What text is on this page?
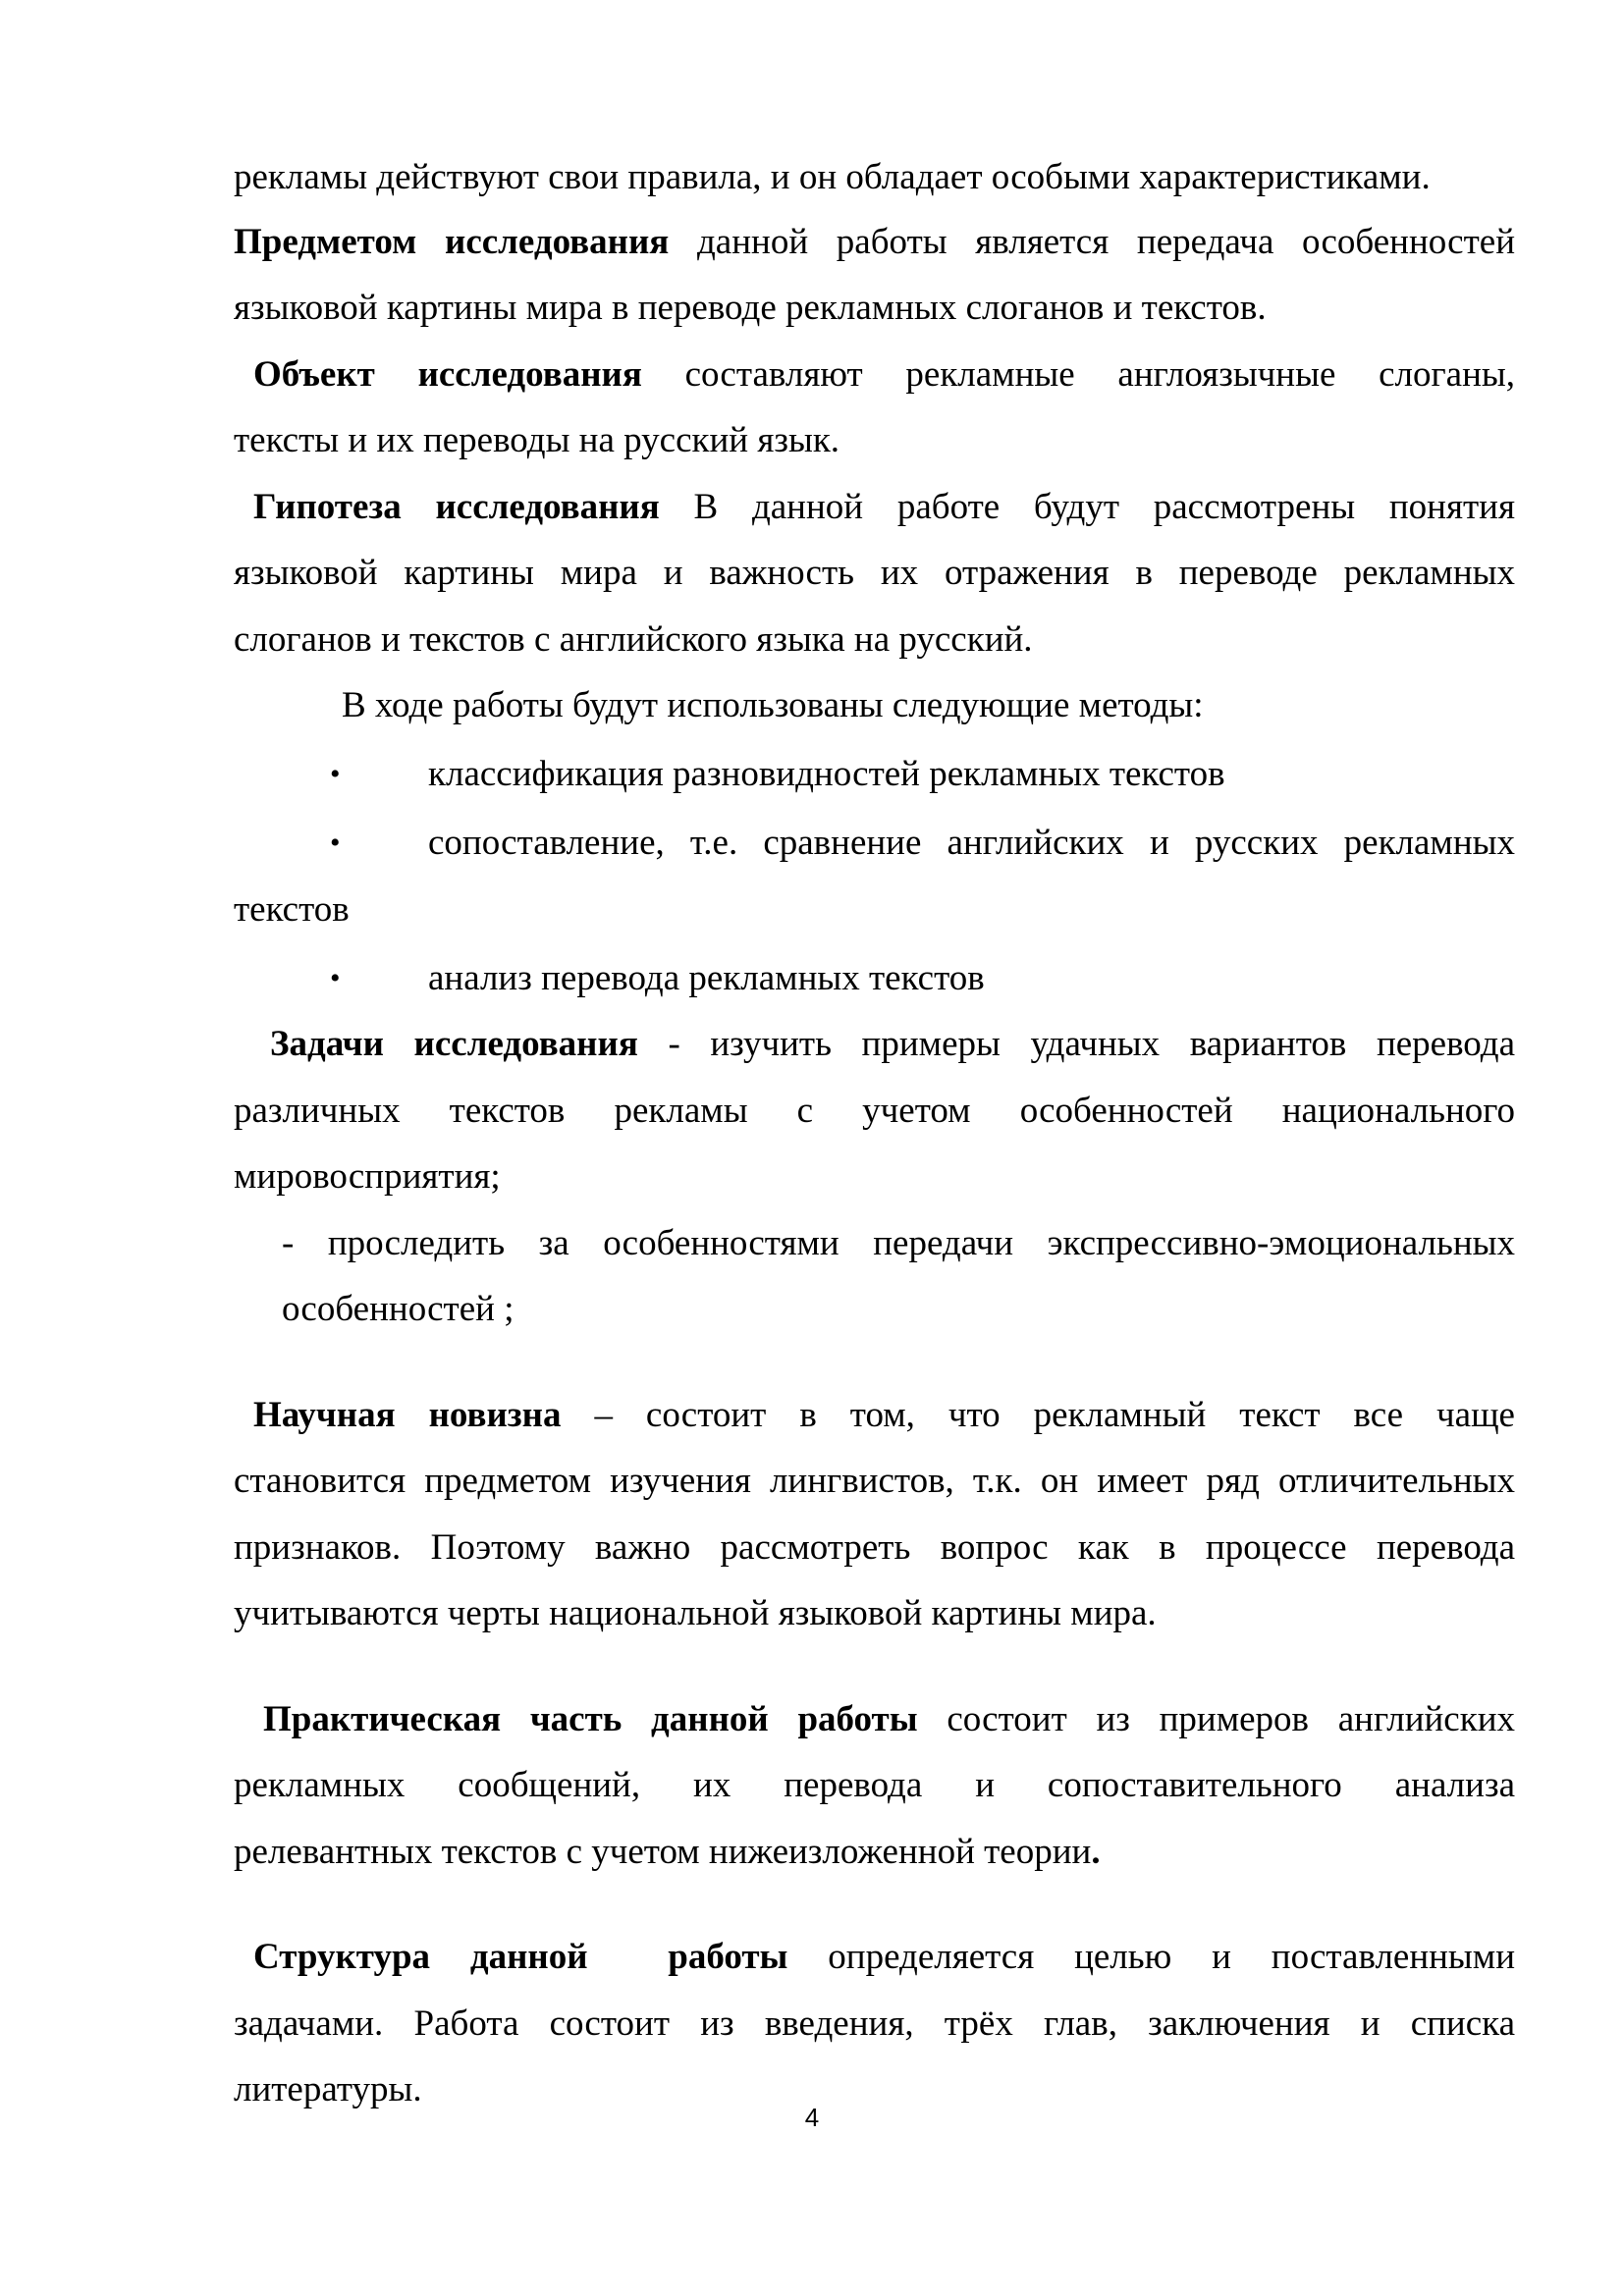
рекламы действуют свои правила, и он обладает особыми характеристиками.
Предметом исследования данной работы является передача особенностей
языковой картины мира в переводе рекламных слоганов и текстов.
Объект исследования составляют рекламные англоязычные слоганы,
тексты и их переводы на русский язык.
Гипотеза исследования В данной работе будут рассмотрены понятия
языковой картины мира и важность их отражения в переводе рекламных
слоганов и текстов с английского языка на русский.
В ходе работы будут использованы следующие методы:
• классификация разновидностей рекламных текстов
• сопоставление, т.е. сравнение английских и русских рекламных
текстов
• анализ перевода рекламных текстов
Задачи исследования - изучить примеры удачных вариантов перевода
различных текстов рекламы с учетом особенностей национального
мировосприятия;
- проследить за особенностями передачи экспрессивно-эмоциональных
особенностей ;
Научная новизна – состоит в том, что рекламный текст все чаще
становится предметом изучения лингвистов, т.к. он имеет ряд отличительных
признаков. Поэтому важно рассмотреть вопрос как в процессе перевода
учитываются черты национальной языковой картины мира.
Практическая часть данной работы состоит из примеров английских
рекламных сообщений, их перевода и сопоставительного анализа
релевантных текстов с учетом нижеизложенной теории.
Структура данной  работы определяется целью и поставленными
задачами. Работа состоит из введения, трёх глав, заключения и списка
литературы.
4
